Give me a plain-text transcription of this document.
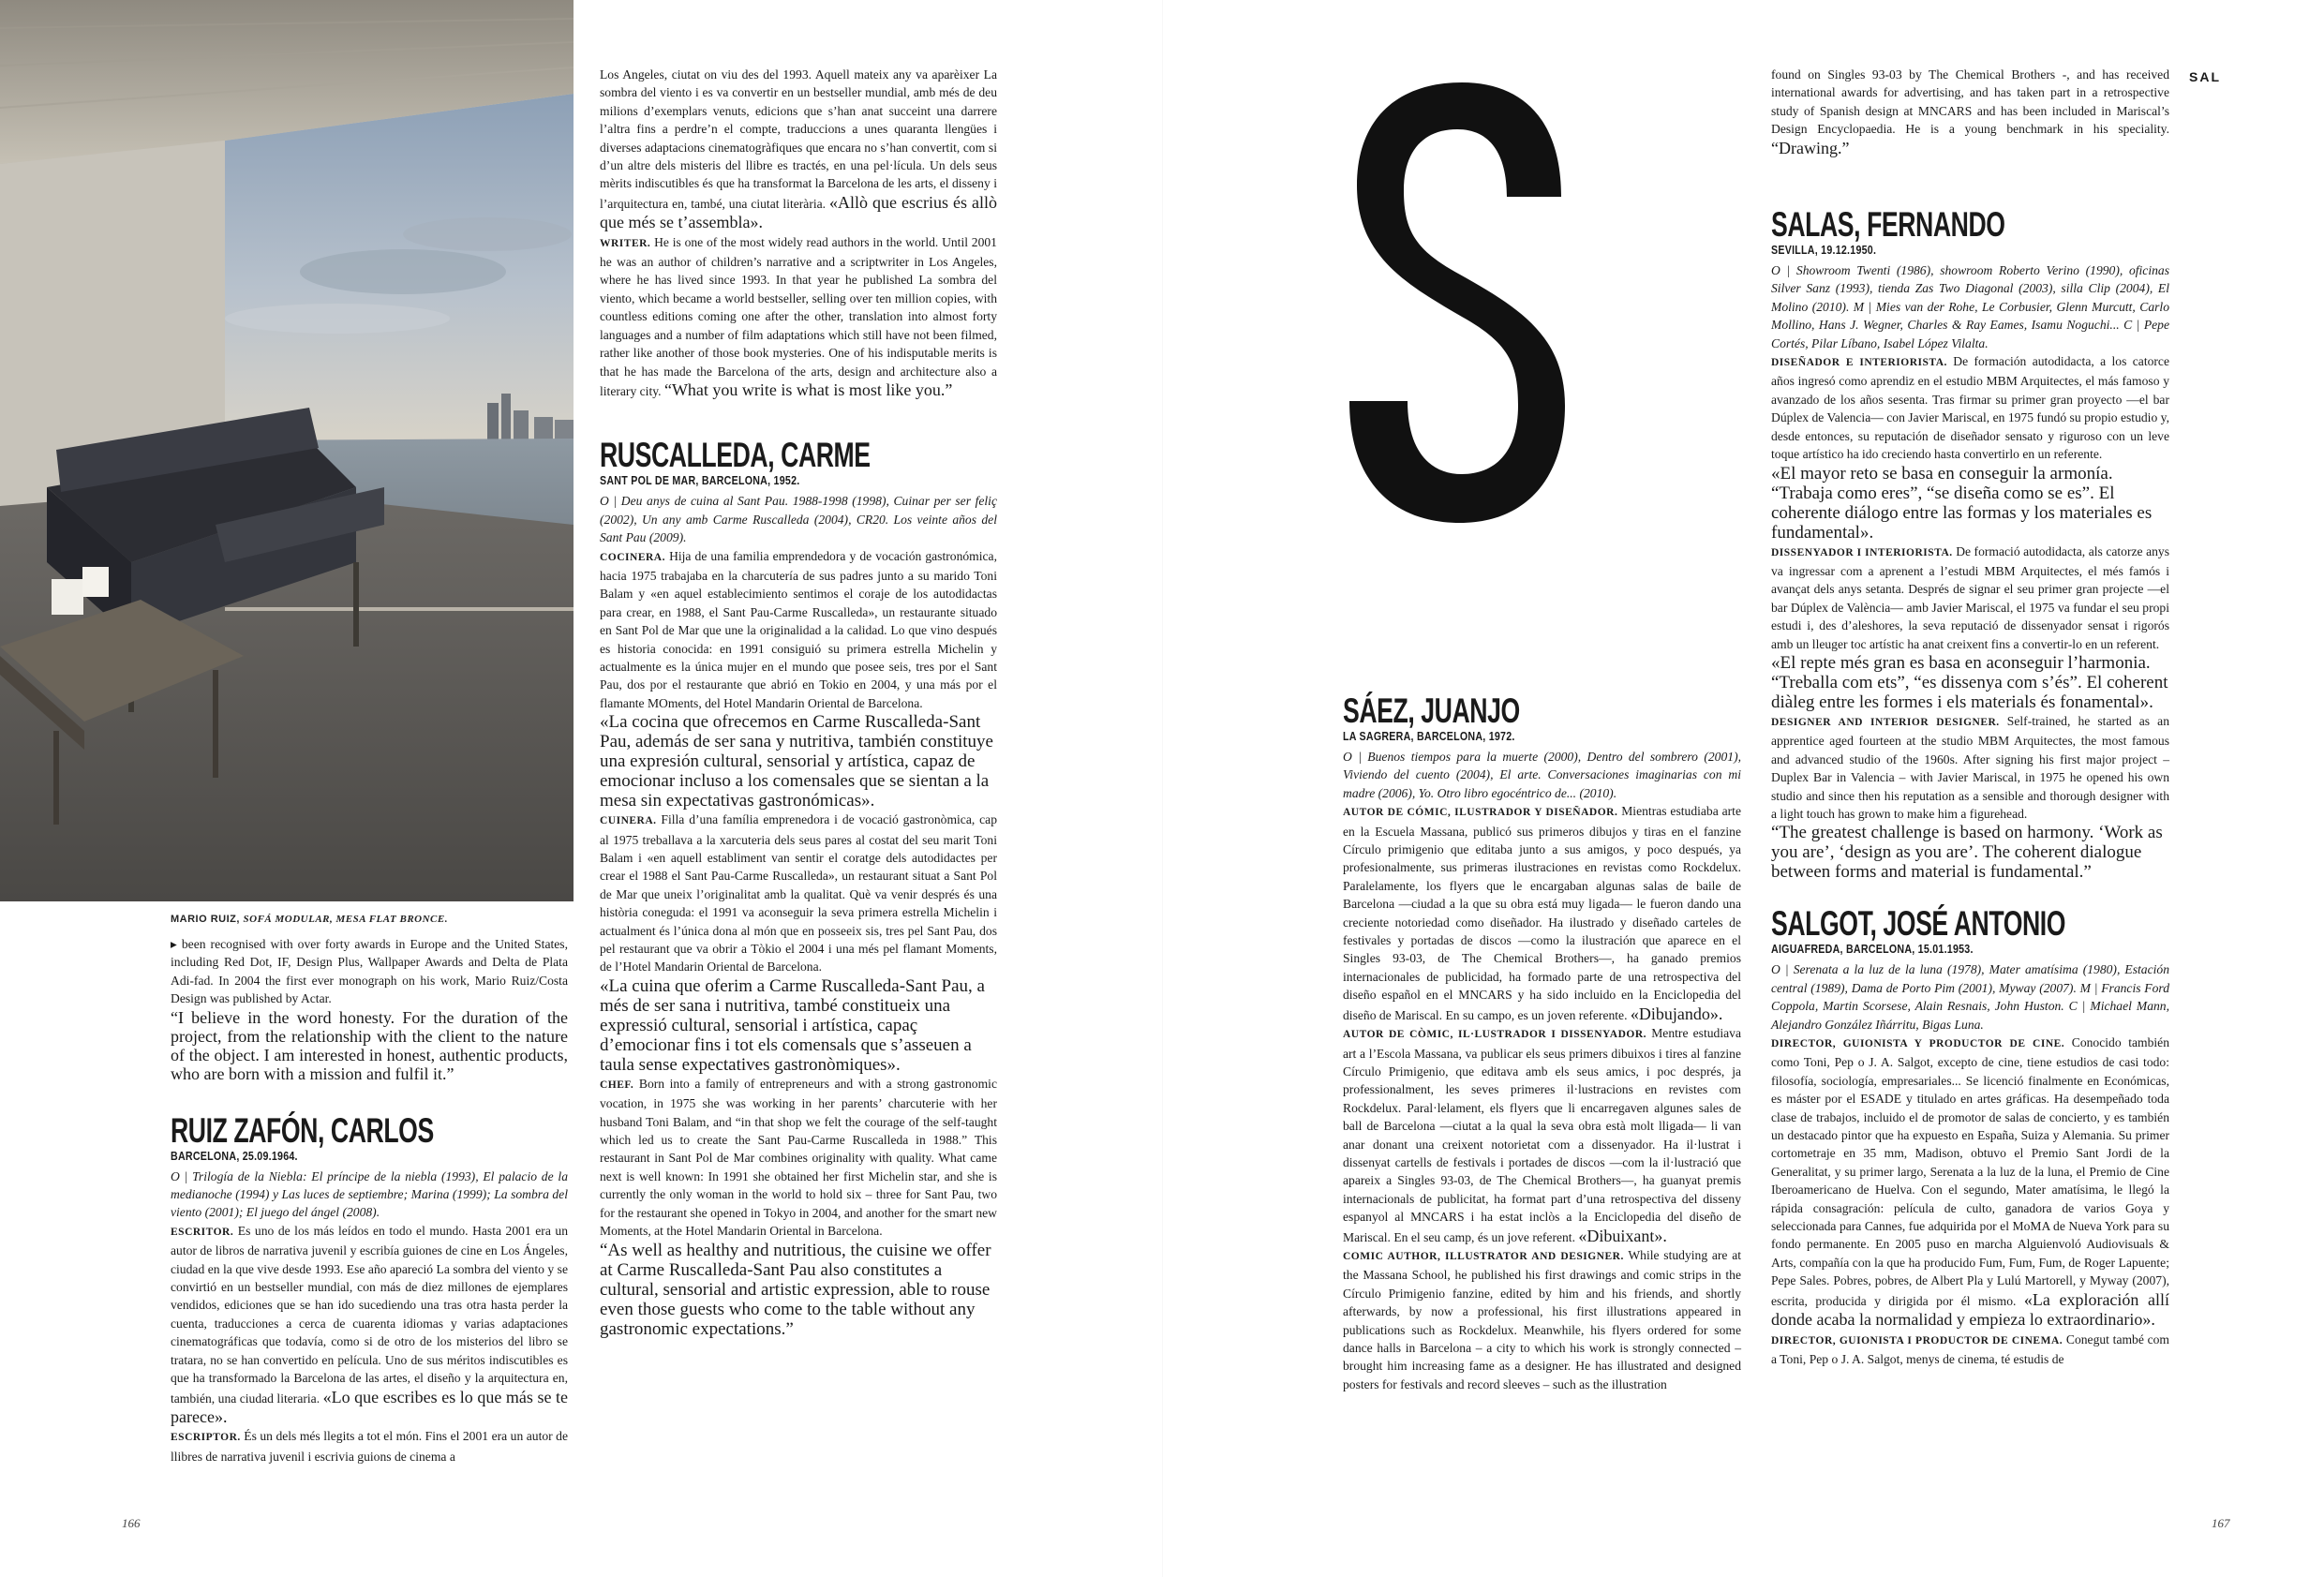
MARIO RUIZ, SOFÁ MODULAR, MESA FLAT BRONCE.

▸ been recognised with over forty awards in Europe and the United States, including Red Dot, IF, Design Plus, Wallpaper Awards and Delta de Plata Adi-fad. In 2004 the first ever monograph on his work, Mario Ruiz/Costa Design was published by Actar.

“I believe in the word honesty. For the duration of the project, from the relationship with the client to the nature of the object. I am interested in honest, authentic products, who are born with a mission and fulfil it.”

RUIZ ZAFÓN, CARLOS
BARCELONA, 25.09.1964.

O | Trilogía de la Niebla: El príncipe de la niebla (1993), El palacio de la medianoche (1994) y Las luces de septiembre; Marina (1999); La sombra del viento (2001); El juego del ángel (2008).

ESCRITOR. Es uno de los más leídos en todo el mundo. Hasta 2001 era un autor de libros de narrativa juvenil y escribía guiones de cine en Los Ángeles, ciudad en la que vive desde 1993. Ese año apareció La sombra del viento y se convirtió en un bestseller mundial, con más de diez millones de ejemplares vendidos, ediciones que se han ido sucediendo una tras otra hasta perder la cuenta, traducciones a cerca de cuarenta idiomas y varias adaptaciones cinematográficas que todavía, como si de otro de los misterios del libro se tratara, no se han convertido en película. Uno de sus méritos indiscutibles es que ha transformado la Barcelona de las artes, el diseño y la arquitectura en, también, una ciudad literaria. «Lo que escribes es lo que más se te parece».

ESCRIPTOR. És un dels més llegits a tot el món. Fins el 2001 era un autor de llibres de narrativa juvenil i escrivia guions de cinema a

Los Angeles, ciutat on viu des del 1993. Aquell mateix any va aparèixer La sombra del viento i es va convertir en un bestseller mundial, amb més de deu milions d’exemplars venuts, edicions que s’han anat succeint una darrere l’altra fins a perdre’n el compte, traduccions a unes quaranta llengües i diverses adaptacions cinematogràfiques que encara no s’han convertit, com si d’un altre dels misteris del llibre es tractés, en una pel·lícula. Un dels seus mèrits indiscutibles és que ha transformat la Barcelona de les arts, el disseny i l’arquitectura en, també, una ciutat literària. «Allò que escrius és allò que més se t’assembla».

WRITER. He is one of the most widely read authors in the world. Until 2001 he was an author of children’s narrative and a scriptwriter in Los Angeles, where he has lived since 1993. In that year he published La sombra del viento, which became a world bestseller, selling over ten million copies, with countless editions coming one after the other, translation into almost forty languages and a number of film adaptations which still have not been filmed, rather like another of those book mysteries. One of his indisputable merits is that he has made the Barcelona of the arts, design and architecture also a literary city. “What you write is what is most like you.”

RUSCALLEDA, CARME
SANT POL DE MAR, BARCELONA, 1952.

O | Deu anys de cuina al Sant Pau. 1988-1998 (1998), Cuinar per ser feliç (2002), Un any amb Carme Ruscalleda (2004), CR20. Los veinte años del Sant Pau (2009).

COCINERA. Hija de una familia emprendedora y de vocación gastronómica, hacia 1975 trabajaba en la charcutería de sus padres junto a su marido Toni Balam y «en aquel establecimiento sentimos el coraje de los autodidactas para crear, en 1988, el Sant Pau-Carme Ruscalleda», un restaurante situado en Sant Pol de Mar que une la originalidad a la calidad. Lo que vino después es historia conocida: en 1991 consiguió su primera estrella Michelin y actualmente es la única mujer en el mundo que posee seis, tres por el Sant Pau, dos por el restaurante que abrió en Tokio en 2004, y una más por el flamante MOments, del Hotel Mandarin Oriental de Barcelona.

«La cocina que ofrecemos en Carme Ruscalleda-Sant Pau, además de ser sana y nutritiva, también constituye una expresión cultural, sensorial y artística, capaz de emocionar incluso a los comensales que se sientan a la mesa sin expectativas gastronómicas».

CUINERA. Filla d’una família emprenedora i de vocació gastronòmica, cap al 1975 treballava a la xarcuteria dels seus pares al costat del seu marit Toni Balam i «en aquell establiment van sentir el coratge dels autodidactes per crear el 1988 el Sant Pau-Carme Ruscalleda», un restaurant situat a Sant Pol de Mar que uneix l’originalitat amb la qualitat. Què va venir després és una història coneguda: el 1991 va aconseguir la seva primera estrella Michelin i actualment és l’única dona al món que en posseeix sis, tres pel Sant Pau, dos pel restaurant que va obrir a Tòkio el 2004 i una més pel flamant Moments, de l’Hotel Mandarin Oriental de Barcelona.

«La cuina que oferim a Carme Ruscalleda-Sant Pau, a més de ser sana i nutritiva, també constitueix una expressió cultural, sensorial i artística, capaç d’emocionar fins i tot els comensals que s’asseuen a taula sense expectatives gastronòmiques».

CHEF. Born into a family of entrepreneurs and with a strong gastronomic vocation, in 1975 she was working in her parents’ charcuterie with her husband Toni Balam, and “in that shop we felt the courage of the self-taught which led us to create the Sant Pau-Carme Ruscalleda in 1988.” This restaurant in Sant Pol de Mar combines originality with quality. What came next is well known: In 1991 she obtained her first Michelin star, and she is currently the only woman in the world to hold six – three for Sant Pau, two for the restaurant she opened in Tokyo in 2004, and another for the smart new Moments, at the Hotel Mandarin Oriental in Barcelona.

“As well as healthy and nutritious, the cuisine we offer at Carme Ruscalleda-Sant Pau also constitutes a cultural, sensorial and artistic expression, able to rouse even those guests who come to the table without any gastronomic expectations.”

166
SAL
SÁEZ, JUANJO
LA SAGRERA, BARCELONA, 1972.

O | Buenos tiempos para la muerte (2000), Dentro del sombrero (2001), Viviendo del cuento (2004), El arte. Conversaciones imaginarias con mi madre (2006), Yo. Otro libro egocéntrico de... (2010).

AUTOR DE CÓMIC, ILUSTRADOR Y DISEÑADOR. Mientras estudiaba arte en la Escuela Massana, publicó sus primeros dibujos y tiras en el fanzine Círculo primigenio que editaba junto a sus amigos, y poco después, ya profesionalmente, sus primeras ilustraciones en revistas como Rockdelux. Paralelamente, los flyers que le encargaban algunas salas de baile de Barcelona —ciudad a la que su obra está muy ligada— le fueron dando una creciente notoriedad como diseñador. Ha ilustrado y diseñado carteles de festivales y portadas de discos —como la ilustración que aparece en el Singles 93-03, de The Chemical Brothers—, ha ganado premios internacionales de publicidad, ha formado parte de una retrospectiva del diseño español en el MNCARS y ha sido incluido en la Enciclopedia del diseño de Mariscal. En su campo, es un joven referente. «Dibujando».

AUTOR DE CÒMIC, IL·LUSTRADOR I DISSENYADOR. Mentre estudiava art a l’Escola Massana, va publicar els seus primers dibuixos i tires al fanzine Círculo Primigenio, que editava amb els seus amics, i poc després, ja professionalment, les seves primeres il·lustracions en revistes com Rockdelux. Paral·lelament, els flyers que li encarregaven algunes sales de ball de Barcelona —ciutat a la qual la seva obra està molt lligada— li van anar donant una creixent notorietat com a dissenyador. Ha il·lustrat i dissenyat cartells de festivals i portades de discos —com la il·lustració que apareix a Singles 93-03, de The Chemical Brothers—, ha guanyat premis internacionals de publicitat, ha format part d’una retrospectiva del disseny espanyol al MNCARS i ha estat inclòs a la Enciclopedia del diseño de Mariscal. En el seu camp, és un jove referent. «Dibuixant».

COMIC AUTHOR, ILLUSTRATOR AND DESIGNER. While studying are at the Massana School, he published his first drawings and comic strips in the Círculo Primigenio fanzine, edited by him and his friends, and shortly afterwards, by now a professional, his first illustrations appeared in publications such as Rockdelux. Meanwhile, his flyers ordered for some dance halls in Barcelona – a city to which his work is strongly connected – brought him increasing fame as a designer. He has illustrated and designed posters for festivals and record sleeves – such as the illustration

found on Singles 93-03 by The Chemical Brothers -, and has received international awards for advertising, and has taken part in a retrospective study of Spanish design at MNCARS and has been included in Mariscal’s Design Encyclopaedia. He is a young benchmark in his speciality. “Drawing.”

SALAS, FERNANDO
SEVILLA, 19.12.1950.

O | Showroom Twenti (1986), showroom Roberto Verino (1990), oficinas Silver Sanz (1993), tienda Zas Two Diagonal (2003), silla Clip (2004), El Molino (2010). M | Mies van der Rohe, Le Corbusier, Glenn Murcutt, Carlo Mollino, Hans J. Wegner, Charles & Ray Eames, Isamu Noguchi... C | Pepe Cortés, Pilar Líbano, Isabel López Vilalta.

DISEÑADOR E INTERIORISTA. De formación autodidacta, a los catorce años ingresó como aprendiz en el estudio MBM Arquitectes, el más famoso y avanzado de los años sesenta. Tras firmar su primer gran proyecto —el bar Dúplex de Valencia— con Javier Mariscal, en 1975 fundó su propio estudio y, desde entonces, su reputación de diseñador sensato y riguroso con un leve toque artístico ha ido creciendo hasta convertirlo en un referente.

«El mayor reto se basa en conseguir la armonía. “Trabaja como eres”, “se diseña como se es”. El coherente diálogo entre las formas y los materiales es fundamental».

DISSENYADOR I INTERIORISTA. De formació autodidacta, als catorze anys va ingressar com a aprenent a l’estudi MBM Arquitectes, el més famós i avançat dels anys setanta. Després de signar el seu primer gran projecte —el bar Dúplex de València— amb Javier Mariscal, el 1975 va fundar el seu propi estudi i, des d’aleshores, la seva reputació de dissenyador sensat i rigorós amb un lleuger toc artístic ha anat creixent fins a convertir-lo en un referent.

«El repte més gran es basa en aconseguir l’harmonia. “Treballa com ets”, “es dissenya com s’és”. El coherent diàleg entre les formes i els materials és fonamental».

DESIGNER AND INTERIOR DESIGNER. Self-trained, he started as an apprentice aged fourteen at the studio MBM Arquitectes, the most famous and advanced studio of the 1960s. After signing his first major project – Duplex Bar in Valencia – with Javier Mariscal, in 1975 he opened his own studio and since then his reputation as a sensible and thorough designer with a light touch has grown to make him a figurehead.

“The greatest challenge is based on harmony. ‘Work as you are’, ‘design as you are’. The coherent dialogue between forms and material is fundamental.”

SALGOT, JOSÉ ANTONIO
AIGUAFREDA, BARCELONA, 15.01.1953.

O | Serenata a la luz de la luna (1978), Mater amatísima (1980), Estación central (1989), Dama de Porto Pim (2001), Myway (2007). M | Francis Ford Coppola, Martin Scorsese, Alain Resnais, John Huston. C | Michael Mann, Alejandro González Iñárritu, Bigas Luna.

DIRECTOR, GUIONISTA Y PRODUCTOR DE CINE. Conocido también como Toni, Pep o J. A. Salgot, excepto de cine, tiene estudios de casi todo: filosofía, sociología, empresariales... Se licenció finalmente en Económicas, es máster por el ESADE y titulado en artes gráficas. Ha desempeñado toda clase de trabajos, incluido el de promotor de salas de concierto, y es también un destacado pintor que ha expuesto en España, Suiza y Alemania. Su primer cortometraje en 35 mm, Madison, obtuvo el Premio Sant Jordi de la Generalitat, y su primer largo, Serenata a la luz de la luna, el Premio de Cine Iberoamericano de Huelva. Con el segundo, Mater amatísima, le llegó la rápida consagración: película de culto, ganadora de varios Goya y seleccionada para Cannes, fue adquirida por el MoMA de Nueva York para su fondo permanente. En 2005 puso en marcha Alguienvoló Audiovisuals & Arts, compañía con la que ha producido Fum, Fum, Fum, de Roger Lapuente; Pepe Sales. Pobres, pobres, de Albert Pla y Lulú Martorell, y Myway (2007), escrita, producida y dirigida por él mismo. «La exploración allí donde acaba la normalidad y empieza lo extraordinario».

DIRECTOR, GUIONISTA I PRODUCTOR DE CINEMA. Conegut també com a Toni, Pep o J. A. Salgot, menys de cinema, té estudis de

167
